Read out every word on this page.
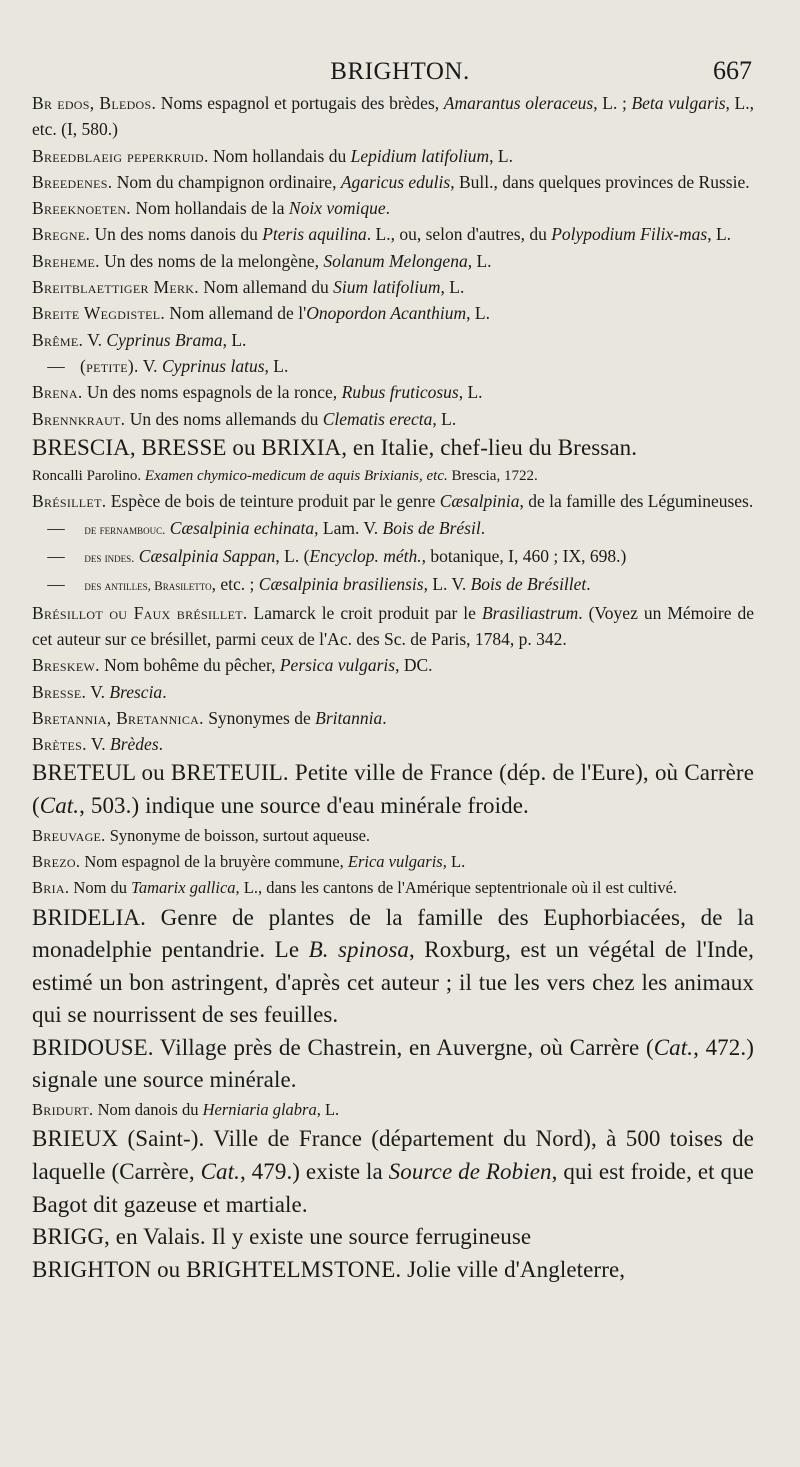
BRIGHTON.	667

Br edos, Bledos. Noms espagnol et portugais des brèdes, Amarantus oleraceus, L. ; Beta vulgaris, L., etc. (I, 580.)

Breedblaeig peperkruid. Nom hollandais du Lepidium latifolium, L.

Breedenes. Nom du champignon ordinaire, Agaricus edulis, Bull., dans quelques provinces de Russie.

Breeknoeten. Nom hollandais de la Noix vomique.

Bregne. Un des noms danois du Pteris aquilina. L., ou, selon d'autres, du Polypodium Filix-mas, L.

Breheme. Un des noms de la melongène, Solanum Melongena, L.

Breitblaettiger Merk. Nom allemand du Sium latifolium, L.

Breite Wegdistel. Nom allemand de l'Onopordon Acanthium, L.

Brême. V. Cyprinus Brama, L.

— (petite). V. Cyprinus latus, L.

Brena. Un des noms espagnols de la ronce, Rubus fruticosus, L.

Brennkraut. Un des noms allemands du Clematis erecta, L.

BRESCIA, BRESSE ou BRIXIA, en Italie, chef-lieu du Bressan.

Roncalli Parolino. Examen chymico-medicum de aquis Brixianis, etc. Brescia, 1722.

Brésillet. Espèce de bois de teinture produit par le genre Cæsalpinia, de la famille des Légumineuses.

— de fernambouc. Cæsalpinia echinata, Lam. V. Bois de Brésil.

— des indes. Cæsalpinia Sappan, L. (Encyclop. méth., botanique, I, 460 ; IX, 698.)

— des antilles, Brasiletto, etc. ; Cæsalpinia brasiliensis, L. V. Bois de Brésillet.

Brésillot ou Faux brésillet. Lamarck le croit produit par le Brasiliastrum. (Voyez un Mémoire de cet auteur sur ce brésillet, parmi ceux de l'Ac. des Sc. de Paris, 1784, p. 342.

Breskew. Nom bohême du pêcher, Persica vulgaris, DC.

Bresse. V. Brescia.

Bretannia, Bretannica. Synonymes de Britannia.

Brètes. V. Brèdes.

BRETEUL ou BRETEUIL. Petite ville de France (dép. de l'Eure), où Carrère (Cat., 503.) indique une source d'eau minérale froide.

Breuvage. Synonyme de boisson, surtout aqueuse.

Brezo. Nom espagnol de la bruyère commune, Erica vulgaris, L.

Bria. Nom du Tamarix gallica, L., dans les cantons de l'Amérique septentrionale où il est cultivé.

BRIDELIA. Genre de plantes de la famille des Euphorbiacées, de la monadelphie pentandrie. Le B. spinosa, Roxburg, est un végétal de l'Inde, estimé un bon astringent, d'après cet auteur ; il tue les vers chez les animaux qui se nourrissent de ses feuilles.

BRIDOUSE. Village près de Chastrein, en Auvergne, où Carrère (Cat., 472.) signale une source minérale.

Bridurt. Nom danois du Herniaria glabra, L.

BRIEUX (Saint-). Ville de France (département du Nord), à 500 toises de laquelle (Carrère, Cat., 479.) existe la Source de Robien, qui est froide, et que Bagot dit gazeuse et martiale.

BRIGG, en Valais. Il y existe une source ferrugineuse

BRIGHTON ou BRIGHTELMSTONE. Jolie ville d'Angleterre,
